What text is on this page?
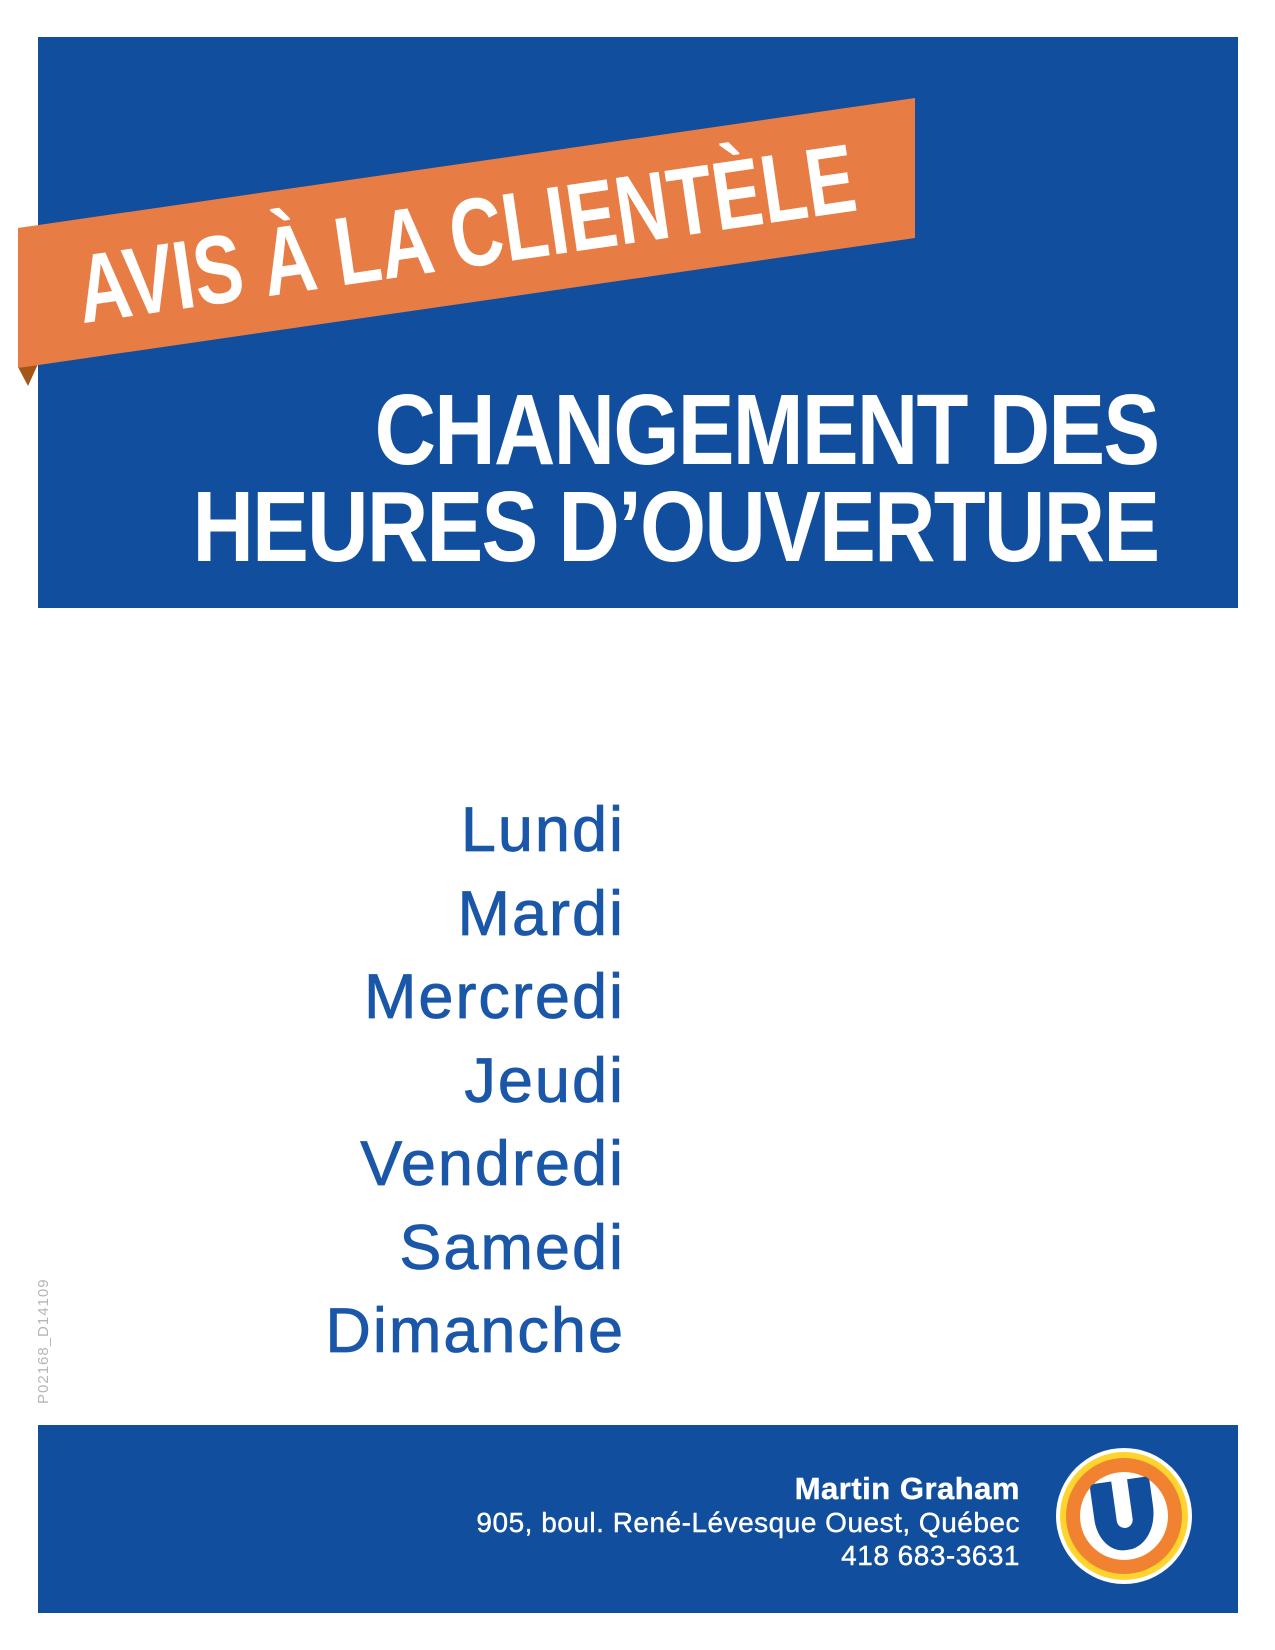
AVIS À LA CLIENTÈLE
CHANGEMENT DES
HEURES D’OUVERTURE
Lundi
Mardi
Mercredi
Jeudi
Vendredi
Samedi
Dimanche
P02168_D14109
Martin Graham
905, boul. René-Lévesque Ouest, Québec
418 683-3631
